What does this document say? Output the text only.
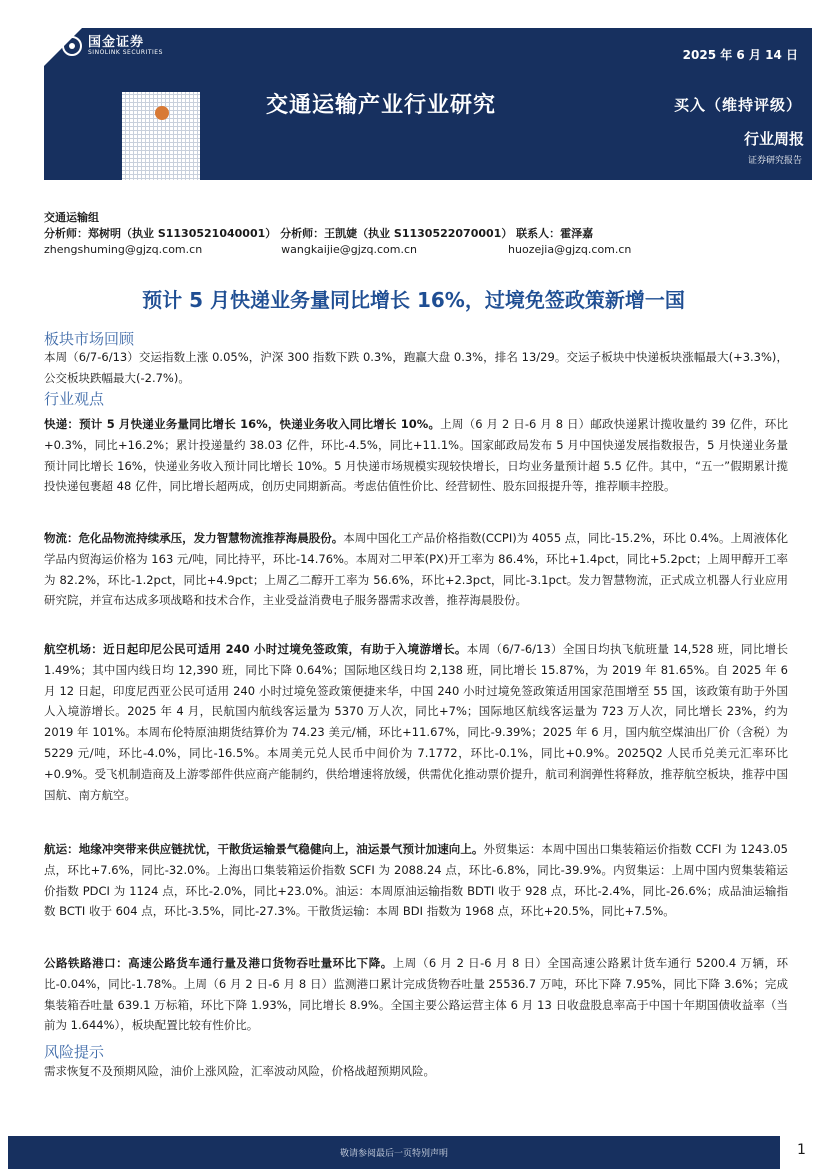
国金证券
SINOLINK SECURITIES	2025 年 6 月 14 日
交通运输产业行业研究	买入（维持评级）
行业周报
证券研究报告
交通运输组
分析师：郑树明（执业 S1130521040001） 分析师：王凯婕（执业 S1130522070001） 联系人：霍泽嘉
zhengshuming@gjzq.com.cn	wangkaijie@gjzq.com.cn	huozejia@gjzq.com.cn
预计 5 月快递业务量同比增长 16%，过境免签政策新增一国
板块市场回顾
本周（6/7-6/13）交运指数上涨 0.05%，沪深 300 指数下跌 0.3%，跑赢大盘 0.3%，排名 13/29。交运子板块中快递板块涨幅最大(+3.3%)，公交板块跌幅最大(-2.7%)。
行业观点
快递：预计 5 月快递业务量同比增长 16%，快递业务收入同比增长 10%。上周（6 月 2 日-6 月 8 日）邮政快递累计揽收量约 39 亿件，环比+0.3%，同比+16.2%；累计投递量约 38.03 亿件，环比-4.5%，同比+11.1%。国家邮政局发布 5 月中国快递发展指数报告，5 月快递业务量预计同比增长 16%，快递业务收入预计同比增长 10%。5 月快递市场规模实现较快增长，日均业务量预计超 5.5 亿件。其中，“五一”假期累计揽投快递包裹超 48 亿件，同比增长超两成，创历史同期新高。考虑估值性价比、经营韧性、股东回报提升等，推荐顺丰控股。
物流：危化品物流持续承压，发力智慧物流推荐海晨股份。本周中国化工产品价格指数(CCPI)为 4055 点，同比-15.2%，环比 0.4%。上周液体化学品内贸海运价格为 163 元/吨，同比持平，环比-14.76%。本周对二甲苯(PX)开工率为 86.4%，环比+1.4pct，同比+5.2pct；上周甲醇开工率为 82.2%，环比-1.2pct，同比+4.9pct；上周乙二醇开工率为 56.6%，环比+2.3pct，同比-3.1pct。发力智慧物流，正式成立机器人行业应用研究院，并宣布达成多项战略和技术合作，主业受益消费电子服务器需求改善，推荐海晨股份。
航空机场：近日起印尼公民可适用 240 小时过境免签政策，有助于入境游增长。本周（6/7-6/13）全国日均执飞航班量 14,528 班，同比增长 1.49%；其中国内线日均 12,390 班，同比下降 0.64%；国际地区线日均 2,138 班，同比增长 15.87%，为 2019 年 81.65%。自 2025 年 6 月 12 日起，印度尼西亚公民可适用 240 小时过境免签政策便捷来华，中国 240 小时过境免签政策适用国家范围增至 55 国，该政策有助于外国人入境游增长。2025 年 4 月，民航国内航线客运量为 5370 万人次，同比+7%；国际地区航线客运量为 723 万人次，同比增长 23%，约为 2019 年 101%。本周布伦特原油期货结算价为 74.23 美元/桶，环比+11.67%，同比-9.39%；2025 年 6 月，国内航空煤油出厂价（含税）为 5229 元/吨，环比-4.0%，同比-16.5%。本周美元兑人民币中间价为 7.1772，环比-0.1%，同比+0.9%。2025Q2 人民币兑美元汇率环比+0.9%。受飞机制造商及上游零部件供应商产能制约，供给增速将放缓，供需优化推动票价提升，航司利润弹性将释放，推荐航空板块，推荐中国国航、南方航空。
航运：地缘冲突带来供应链扰忧，干散货运输景气稳健向上，油运景气预计加速向上。外贸集运：本周中国出口集装箱运价指数 CCFI 为 1243.05 点，环比+7.6%，同比-32.0%。上海出口集装箱运价指数 SCFI 为 2088.24 点，环比-6.8%，同比-39.9%。内贸集运：上周中国内贸集装箱运价指数 PDCI 为 1124 点，环比-2.0%，同比+23.0%。油运：本周原油运输指数 BDTI 收于 928 点，环比-2.4%，同比-26.6%；成品油运输指数 BCTI 收于 604 点，环比-3.5%，同比-27.3%。干散货运输：本周 BDI 指数为 1968 点，环比+20.5%，同比+7.5%。
公路铁路港口：高速公路货车通行量及港口货物吞吐量环比下降。上周（6 月 2 日-6 月 8 日）全国高速公路累计货车通行 5200.4 万辆，环比-0.04%，同比-1.78%。上周（6 月 2 日-6 月 8 日）监测港口累计完成货物吞吐量 25536.7 万吨，环比下降 7.95%，同比下降 3.6%；完成集装箱吞吐量 639.1 万标箱，环比下降 1.93%，同比增长 8.9%。全国主要公路运营主体 6 月 13 日收盘股息率高于中国十年期国债收益率（当前为 1.644%），板块配置比较有性价比。
风险提示
需求恢复不及预期风险，油价上涨风险，汇率波动风险，价格战超预期风险。
敬请参阅最后一页特别声明	1
